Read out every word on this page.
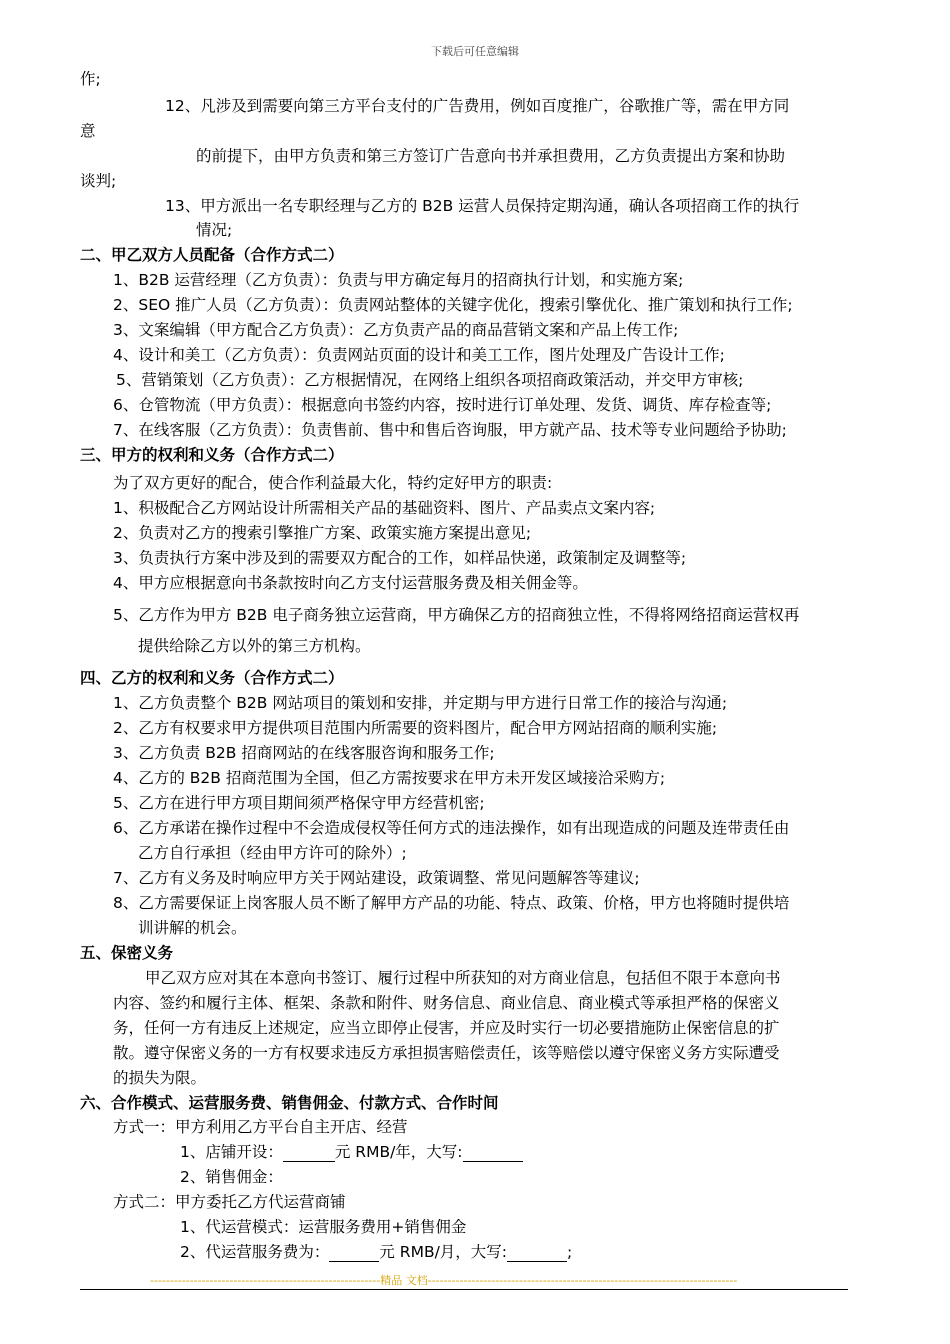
下载后可任意编辑
作;
12、凡涉及到需要向第三方平台支付的广告费用，例如百度推广，谷歌推广等，需在甲方同
意
的前提下，由甲方负责和第三方签订广告意向书并承担费用，乙方负责提出方案和协助
谈判;
13、甲方派出一名专职经理与乙方的 B2B 运营人员保持定期沟通，确认各项招商工作的执行
情况;
二、甲乙双方人员配备（合作方式二）
1、B2B 运营经理（乙方负责）：负责与甲方确定每月的招商执行计划，和实施方案;
2、SEO 推广人员（乙方负责）：负责网站整体的关键字优化，搜索引擎优化、推广策划和执行工作;
3、文案编辑（甲方配合乙方负责）：乙方负责产品的商品营销文案和产品上传工作;
4、设计和美工（乙方负责）：负责网站页面的设计和美工工作，图片处理及广告设计工作;
5、营销策划（乙方负责）：乙方根据情况，在网络上组织各项招商政策活动，并交甲方审核;
6、仓管物流（甲方负责）：根据意向书签约内容，按时进行订单处理、发货、调货、库存检查等;
7、在线客服（乙方负责）：负责售前、售中和售后咨询服，甲方就产品、技术等专业问题给予协助;
三、甲方的权利和义务（合作方式二）
为了双方更好的配合，使合作利益最大化，特约定好甲方的职责:
1、积极配合乙方网站设计所需相关产品的基础资料、图片、产品卖点文案内容;
2、负责对乙方的搜索引擎推广方案、政策实施方案提出意见;
3、负责执行方案中涉及到的需要双方配合的工作，如样品快递，政策制定及调整等;
4、甲方应根据意向书条款按时向乙方支付运营服务费及相关佣金等。
5、乙方作为甲方 B2B 电子商务独立运营商，甲方确保乙方的招商独立性，不得将网络招商运营权再
提供给除乙方以外的第三方机构。
四、乙方的权利和义务（合作方式二）
1、乙方负责整个 B2B 网站项目的策划和安排，并定期与甲方进行日常工作的接洽与沟通;
2、乙方有权要求甲方提供项目范围内所需要的资料图片，配合甲方网站招商的顺利实施;
3、乙方负责 B2B 招商网站的在线客服咨询和服务工作;
4、乙方的 B2B 招商范围为全国，但乙方需按要求在甲方未开发区域接洽采购方;
5、乙方在进行甲方项目期间须严格保守甲方经营机密;
6、乙方承诺在操作过程中不会造成侵权等任何方式的违法操作，如有出现造成的问题及连带责任由
乙方自行承担（经由甲方许可的除外）;
7、乙方有义务及时响应甲方关于网站建设，政策调整、常见问题解答等建议;
8、乙方需要保证上岗客服人员不断了解甲方产品的功能、特点、政策、价格，甲方也将随时提供培
训讲解的机会。
五、保密义务
甲乙双方应对其在本意向书签订、履行过程中所获知的对方商业信息，包括但不限于本意向书
内容、签约和履行主体、框架、条款和附件、财务信息、商业信息、商业模式等承担严格的保密义
务，任何一方有违反上述规定，应当立即停止侵害，并应及时实行一切必要措施防止保密信息的扩
散。遵守保密义务的一方有权要求违反方承担损害赔偿责任，该等赔偿以遵守保密义务方实际遭受
的损失为限。
六、合作模式、运营服务费、销售佣金、付款方式、合作时间
方式一：甲方利用乙方平台自主开店、经营
1、店铺开设：	元 RMB/年，大写:
2、销售佣金：
方式二：甲方委托乙方代运营商铺
1、代运营模式：运营服务费用+销售佣金
2、代运营服务费为：	元 RMB/月，大写:	;
----------------------------------------------------------精品 文档------------------------------------------------------------------------------
